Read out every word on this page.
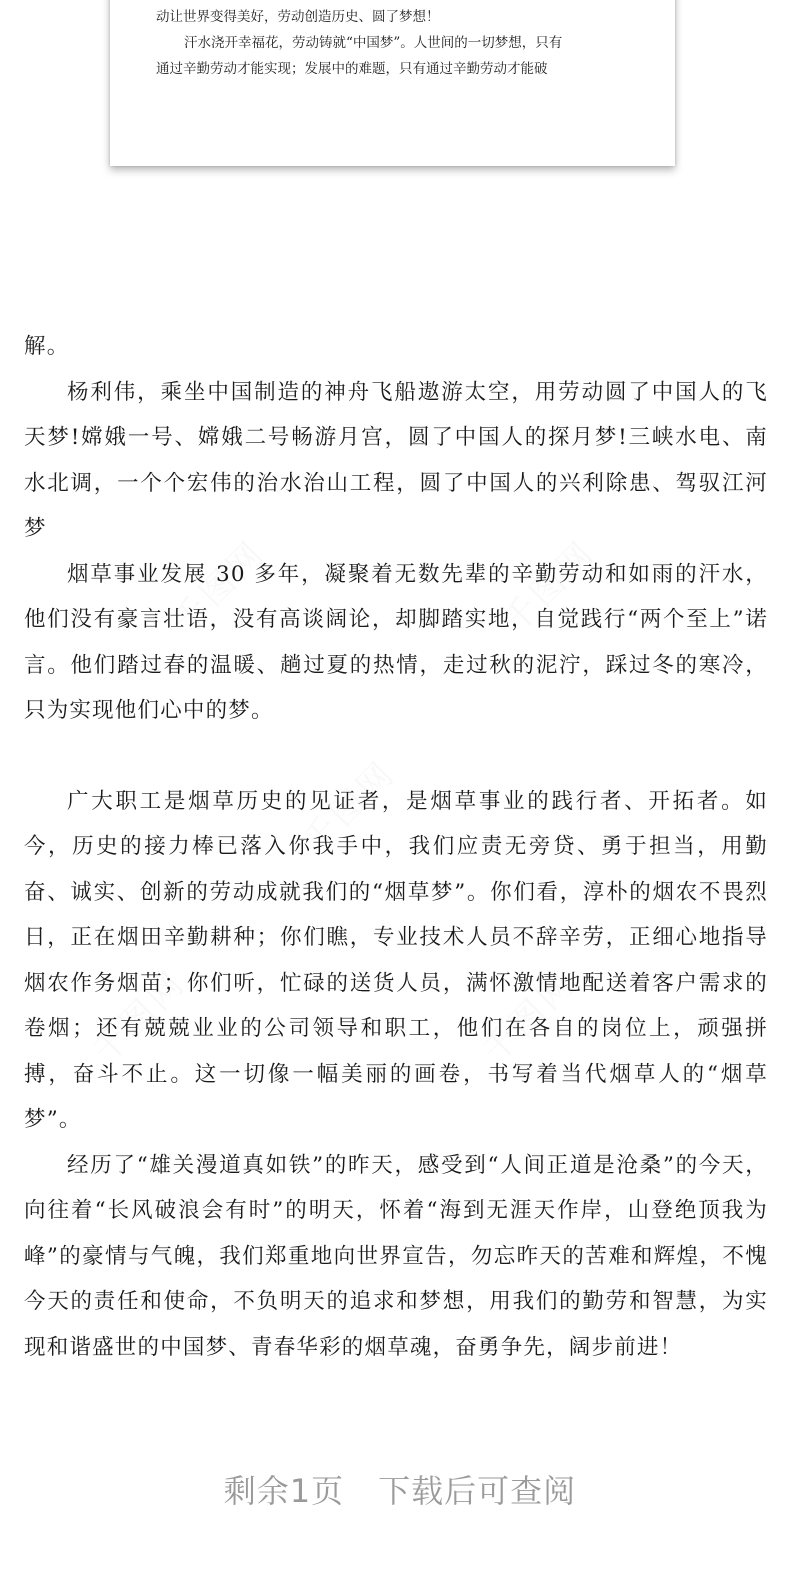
动让世界变得美好，劳动创造历史、圆了梦想！
汗水浇开幸福花，劳动铸就“中国梦”。人世间的一切梦想，只有
通过辛勤劳动才能实现；发展中的难题，只有通过辛勤劳动才能破
千图网	千图网
千图网
千图网	千图网

解。

杨利伟，乘坐中国制造的神舟飞船遨游太空，用劳动圆了中国人的飞天梦!嫦娥一号、嫦娥二号畅游月宫，圆了中国人的探月梦!三峡水电、南水北调，一个个宏伟的治水治山工程，圆了中国人的兴利除患、驾驭江河梦

烟草事业发展 30 多年，凝聚着无数先辈的辛勤劳动和如雨的汗水，他们没有豪言壮语，没有高谈阔论，却脚踏实地，自觉践行“两个至上”诺言。他们踏过春的温暖、趟过夏的热情，走过秋的泥泞，踩过冬的寒冷，只为实现他们心中的梦。

广大职工是烟草历史的见证者，是烟草事业的践行者、开拓者。如今，历史的接力棒已落入你我手中，我们应责无旁贷、勇于担当，用勤奋、诚实、创新的劳动成就我们的“烟草梦”。你们看，淳朴的烟农不畏烈日，正在烟田辛勤耕种；你们瞧，专业技术人员不辞辛劳，正细心地指导烟农作务烟苗；你们听，忙碌的送货人员，满怀激情地配送着客户需求的卷烟；还有兢兢业业的公司领导和职工，他们在各自的岗位上，顽强拼搏，奋斗不止。这一切像一幅美丽的画卷，书写着当代烟草人的“烟草梦”。

经历了“雄关漫道真如铁”的昨天，感受到“人间正道是沧桑”的今天，向往着“长风破浪会有时”的明天，怀着“海到无涯天作岸，山登绝顶我为峰”的豪情与气魄，我们郑重地向世界宣告，勿忘昨天的苦难和辉煌，不愧今天的责任和使命，不负明天的追求和梦想，用我们的勤劳和智慧，为实现和谐盛世的中国梦、青春华彩的烟草魂，奋勇争先，阔步前进！

剩余1页 下载后可查阅
